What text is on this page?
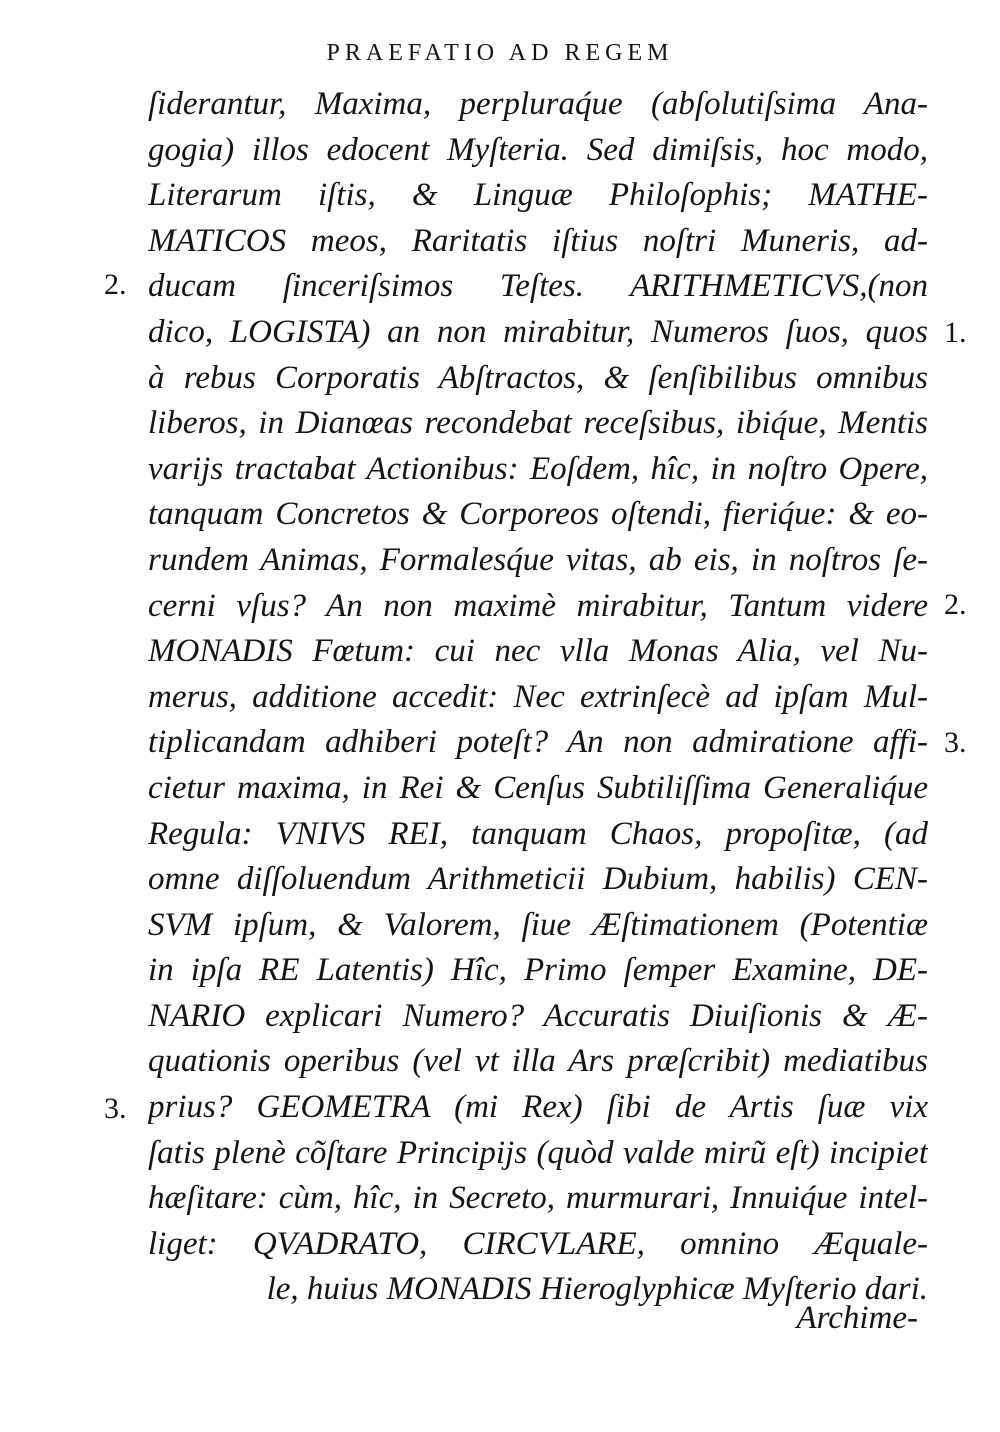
PRAEFATIO AD REGEM
ſiderantur, Maxima, perpluraq́ue (abſolutiſsima Ana-
gogia) illos edocent Myſteria. Sed dimiſsis, hoc modo,
Literarum iſtis, & Linguæ Philoſophis; MATHE-
MATICOS meos, Raritatis iſtius noſtri Muneris, ad-
ducam ſinceriſsimos Teſtes. ARITHMETICVS,(non
dico, LOGISTA) an non mirabitur, Numeros ſuos, quos
à rebus Corporatis Abſtractos, & ſenſibilibus omnibus
liberos, in Dianœas recondebat receſsibus, ibiq́ue, Mentis
varijs tractabat Actionibus: Eoſdem, hîc, in noſtro Opere,
tanquam Concretos & Corporeos oſtendi, fieriq́ue: & eo-
rundem Animas, Formalesq́ue vitas, ab eis, in noſtros ſe-
cerni vſus? An non maximè mirabitur, Tantum videre
MONADIS Fœtum: cui nec vlla Monas Alia, vel Nu-
merus, additione accedit: Nec extrinſecè ad ipſam Mul-
tiplicandam adhiberi poteſt? An non admiratione affi-
cietur maxima, in Rei & Cenſus Subtiliſſima Generaliq́ue
Regula: VNIVS REI, tanquam Chaos, propoſitæ, (ad
omne diſſoluendum Arithmeticii Dubium, habilis) CEN-
SVM ipſum, & Valorem, ſiue Æſtimationem (Potentiæ
in ipſa RE Latentis) Hîc, Primo ſemper Examine, DE-
NARIO explicari Numero? Accuratis Diuiſionis & Æ-
quationis operibus (vel vt illa Ars præſcribit) mediatibus
prius? GEOMETRA (mi Rex) ſibi de Artis ſuæ vix
ſatis plenè cõſtare Principijs (quòd valde mirũ eſt) incipiet
hæſitare: cùm, hîc, in Secreto, murmurari, Innuiq́ue intel-
liget: QVADRATO, CIRCVLARE, omnino Æquale-
le, huius MONADIS Hieroglyphicæ Myſterio dari.
2.
1.
2.
3.
3.
Archime-
